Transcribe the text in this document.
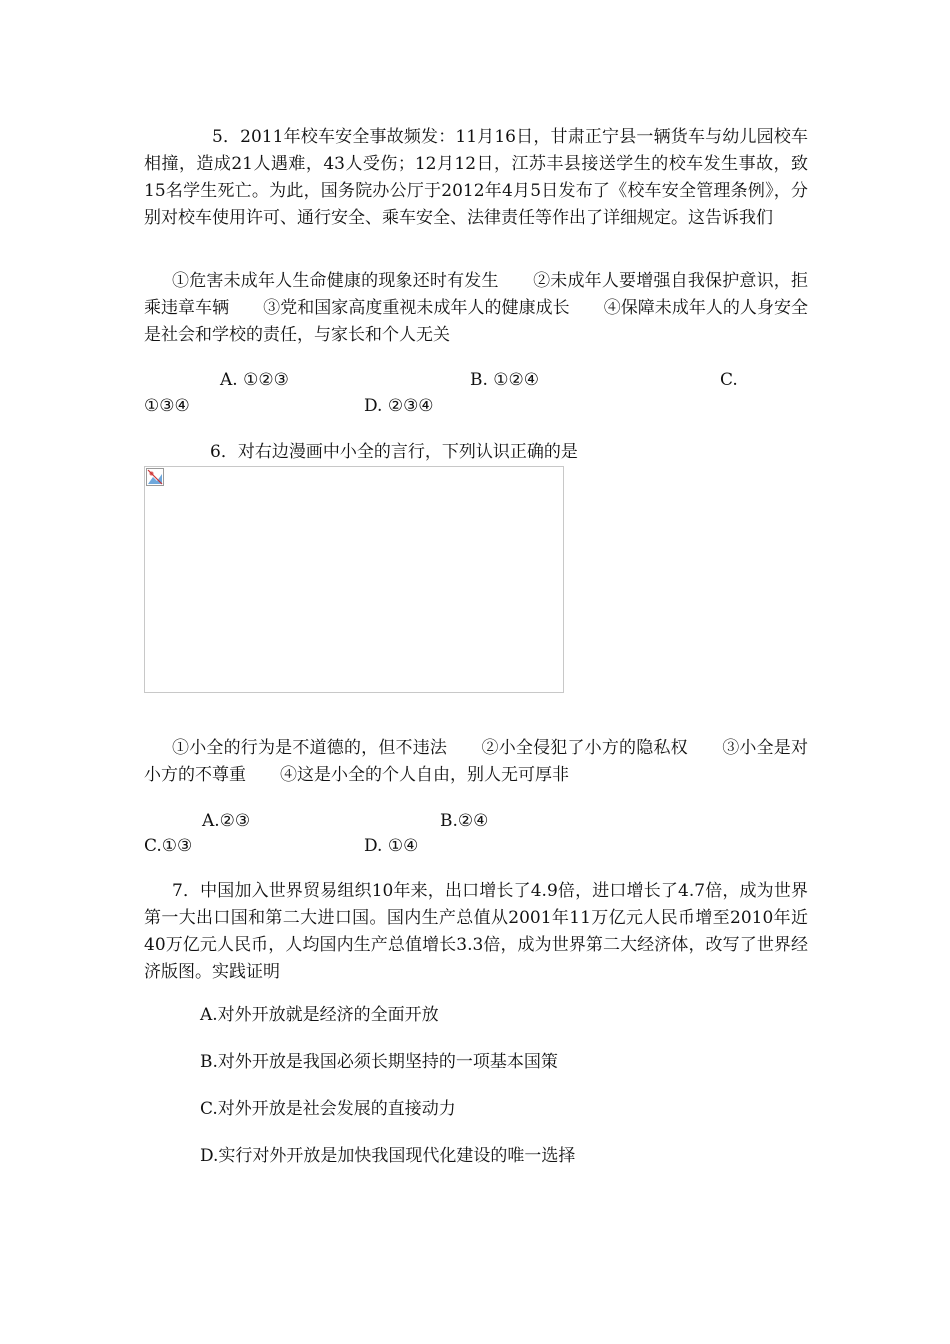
5．2011年校车安全事故频发：11月16日，甘肃正宁县一辆货车与幼儿园校车相撞，造成21人遇难，43人受伤；12月12日，江苏丰县接送学生的校车发生事故，致15名学生死亡。为此，国务院办公厅于2012年4月5日发布了《校车安全管理条例》，分别对校车使用许可、通行安全、乘车安全、法律责任等作出了详细规定。这告诉我们

①危害未成年人生命健康的现象还时有发生　　②未成年人要增强自我保护意识，拒乘违章车辆　　③党和国家高度重视未成年人的健康成长　　④保障未成年人的人身安全是社会和学校的责任，与家长和个人无关

A. ①②③	B. ①②④	C.
①③④	D. ②③④
6．对右边漫画中小全的言行，下列认识正确的是

①小全的行为是不道德的，但不违法　　②小全侵犯了小方的隐私权　　③小全是对小方的不尊重　　④这是小全的个人自由，别人无可厚非

A.②③	B.②④
C.①③	D. ①④

7．中国加入世界贸易组织10年来，出口增长了4.9倍，进口增长了4.7倍，成为世界第一大出口国和第二大进口国。国内生产总值从2001年11万亿元人民币增至2010年近40万亿元人民币，人均国内生产总值增长3.3倍，成为世界第二大经济体，改写了世界经济版图。实践证明

A.对外开放就是经济的全面开放
B.对外开放是我国必须长期坚持的一项基本国策
C.对外开放是社会发展的直接动力
D.实行对外开放是加快我国现代化建设的唯一选择
